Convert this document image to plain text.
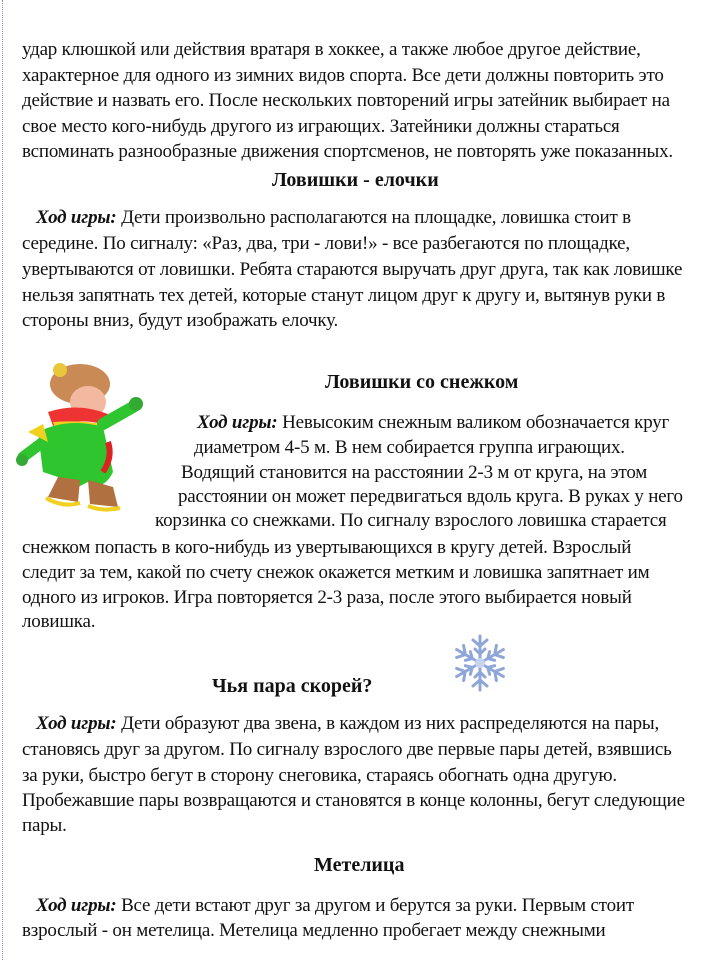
удар клюшкой или действия вратаря в хоккее, а также любое другое действие,
характерное для одного из зимних видов спорта. Все дети должны повторить это
действие и назвать его. После нескольких повторений игры затейник выбирает на
свое место кого-нибудь другого из играющих. Затейники должны стараться
вспоминать разнообразные движения спортсменов, не повторять уже показанных.
Ловишки - елочки
Ход игры: Дети произвольно располагаются на площадке, ловишка стоит в
середине. По сигналу: «Раз, два, три - лови!» - все разбегаются по площадке,
увертываются от ловишки. Ребята стараются выручать друг друга, так как ловишке
нельзя запятнать тех детей, которые станут лицом друг к другу и, вытянув руки в
стороны вниз, будут изображать елочку.
Ловишки со снежком
Ход игры: Невысоким снежным валиком обозначается круг
диаметром 4-5 м. В нем собирается группа играющих.
Водящий становится на расстоянии 2-3 м от круга, на этом
расстоянии он может передвигаться вдоль круга. В руках у него
корзинка со снежками. По сигналу взрослого ловишка старается
снежком попасть в кого-нибудь из увертывающихся в кругу детей. Взрослый
следит за тем, какой по счету снежок окажется метким и ловишка запятнает им
одного из игроков. Игра повторяется 2-3 раза, после этого выбирается новый
ловишка.
Чья пара скорей?
Ход игры: Дети образуют два звена, в каждом из них распределяются на пары,
становясь друг за другом. По сигналу взрослого две первые пары детей, взявшись
за руки, быстро бегут в сторону снеговика, стараясь обогнать одна другую.
Пробежавшие пары возвращаются и становятся в конце колонны, бегут следующие
пары.
Метелица
Ход игры: Все дети встают друг за другом и берутся за руки. Первым стоит
взрослый - он метелица. Метелица медленно пробегает между снежными
